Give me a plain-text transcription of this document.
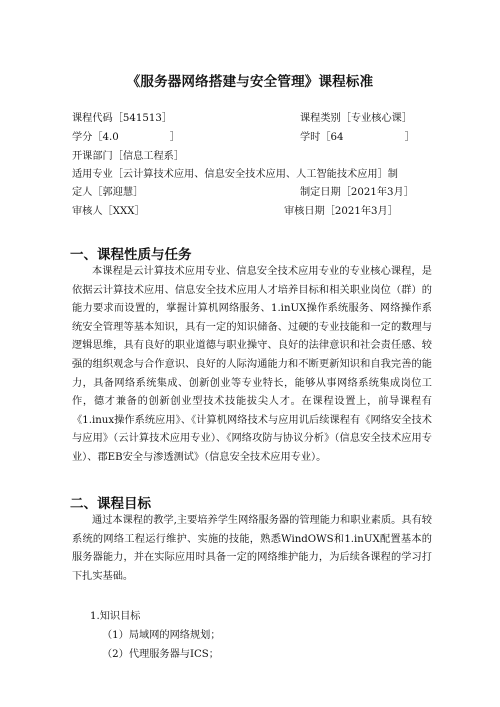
《服务器网络搭建与安全管理》课程标准
课程代码［541513］	课程类别［专业核心课］
学分［4.0　　　　　］	学时［64　　　　　　］
开课部门［信息工程系］
适用专业［云计算技术应用、信息安全技术应用、人工智能技术应用］制
定人［郭迎慧］	制定日期［2021年3月］
审核人［XXX］	审核日期［2021年3月］
一、课程性质与任务

本课程是云计算技术应用专业、信息安全技术应用专业的专业核心课程，是依据云计算技术应用、信息安全技术应用人才培养目标和相关职业岗位（群）的能力要求而设置的，掌握计算机网络服务、1.inUX操作系统服务、网络操作系统安全管理等基本知识，具有一定的知识储备、过硬的专业技能和一定的数理与逻辑思维，具有良好的职业道德与职业操守、良好的法律意识和社会责任感、较强的组织观念与合作意识、良好的人际沟通能力和不断更新知识和自我完善的能力，具备网络系统集成、创新创业等专业特长，能够从事网络系统集成岗位工作，德才兼备的创新创业型技术技能拔尖人才。在课程设置上，前导课程有《1.inux操作系统应用》、《计算机网络技术与应用讥后续课程有《网络安全技术与应用》（云计算技术应用专业）、《网络攻防与协议分析》（信息安全技术应用专业）、郡EB安全与渗透测试》（信息安全技术应用专业）。

二、课程目标

通过本课程的教学,主要培养学生网络服务器的管理能力和职业素质。具有较系统的网络工程运行维护、实施的技能，熟悉WindOWS和1.inUX配置基本的服务器能力，并在实际应用时具备一定的网络维护能力，为后续各课程的学习打下扎实基础。

1.知识目标
（1）局域网的网络规划；
（2）代理服务器与ICS；
